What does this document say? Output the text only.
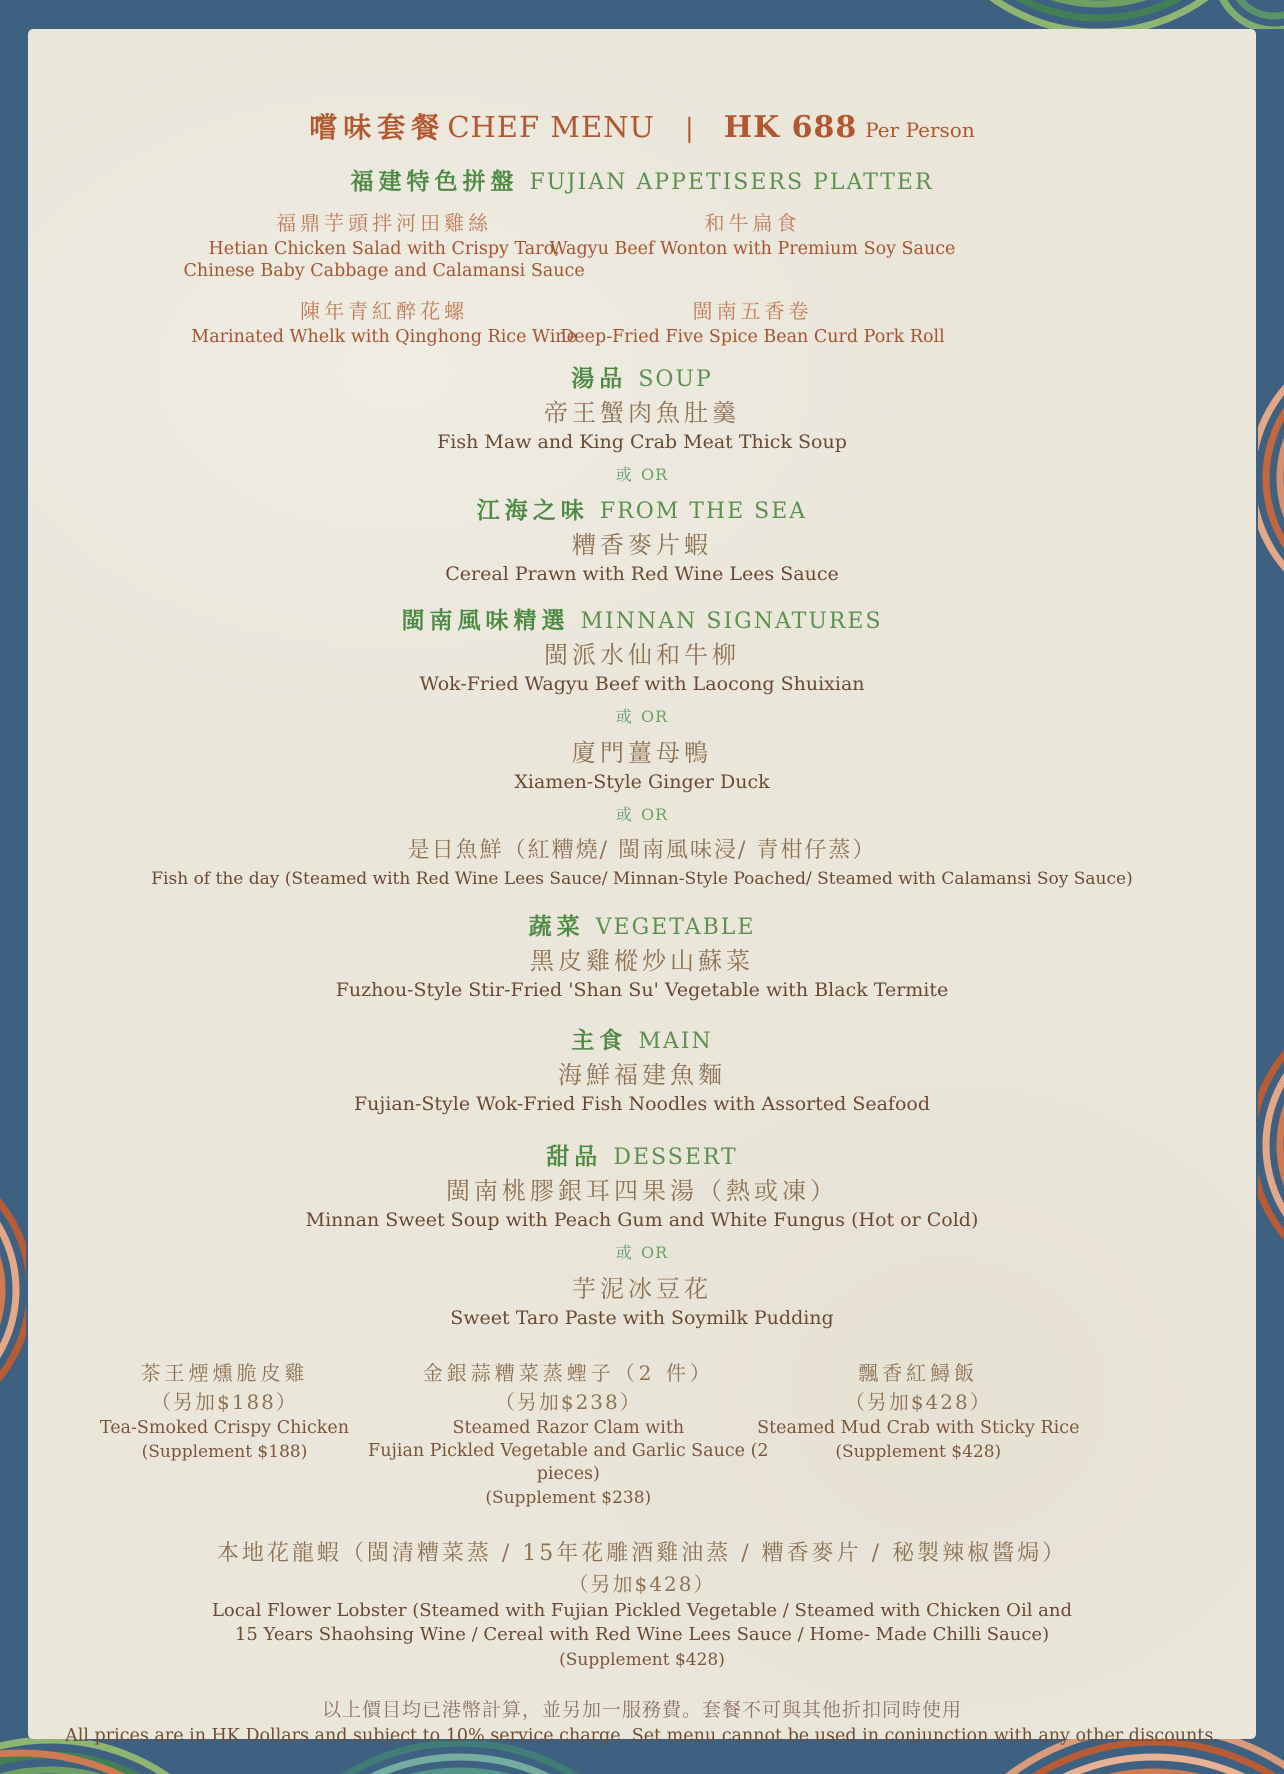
嚐味套餐CHEF MENU | HK 688 Per Person
福建特色拼盤 FUJIAN APPETISERS PLATTER
福鼎芋頭拌河田雞絲
Hetian Chicken Salad with Crispy Taro,
Chinese Baby Cabbage and Calamansi Sauce
和牛扁食
Wagyu Beef Wonton with Premium Soy Sauce
陳年青紅醉花螺
Marinated Whelk with Qinghong Rice Wine
閩南五香卷
Deep-Fried Five Spice Bean Curd Pork Roll
湯品 SOUP
帝王蟹肉魚肚羹
Fish Maw and King Crab Meat Thick Soup
或 OR
江海之味 FROM THE SEA
糟香麥片蝦
Cereal Prawn with Red Wine Lees Sauce
閩南風味精選 MINNAN SIGNATURES
閩派水仙和牛柳
Wok-Fried Wagyu Beef with Laocong Shuixian
或 OR
廈門薑母鴨
Xiamen-Style Ginger Duck
或 OR
是日魚鮮（紅糟燒/ 閩南風味浸/ 青柑仔蒸）
Fish of the day (Steamed with Red Wine Lees Sauce/ Minnan-Style Poached/ Steamed with Calamansi Soy Sauce)
蔬菜 VEGETABLE
黑皮雞樅炒山蘇菜
Fuzhou-Style Stir-Fried 'Shan Su' Vegetable with Black Termite
主食 MAIN
海鮮福建魚麵
Fujian-Style Wok-Fried Fish Noodles with Assorted Seafood
甜品 DESSERT
閩南桃膠銀耳四果湯（熱或凍）
Minnan Sweet Soup with Peach Gum and White Fungus (Hot or Cold)
或 OR
芋泥冰豆花
Sweet Taro Paste with Soymilk Pudding
茶王煙燻脆皮雞
（另加$188）
Tea-Smoked Crispy Chicken
(Supplement $188)
金銀蒜糟菜蒸蟶子（2 件）
（另加$238）
Steamed Razor Clam with
Fujian Pickled Vegetable and Garlic Sauce (2 pieces)
(Supplement $238)
飄香紅鱘飯
（另加$428）
Steamed Mud Crab with Sticky Rice
(Supplement $428)
本地花龍蝦（閩清糟菜蒸 / 15年花雕酒雞油蒸 / 糟香麥片 / 秘製辣椒醬焗）
（另加$428）
Local Flower Lobster (Steamed with Fujian Pickled Vegetable / Steamed with Chicken Oil and
15 Years Shaohsing Wine / Cereal with Red Wine Lees Sauce / Home- Made Chilli Sauce)
(Supplement $428)
以上價目均已港幣計算，並另加一服務費。套餐不可與其他折扣同時使用
All prices are in HK Dollars and subject to 10% service charge. Set menu cannot be used in conjunction with any other discounts.
